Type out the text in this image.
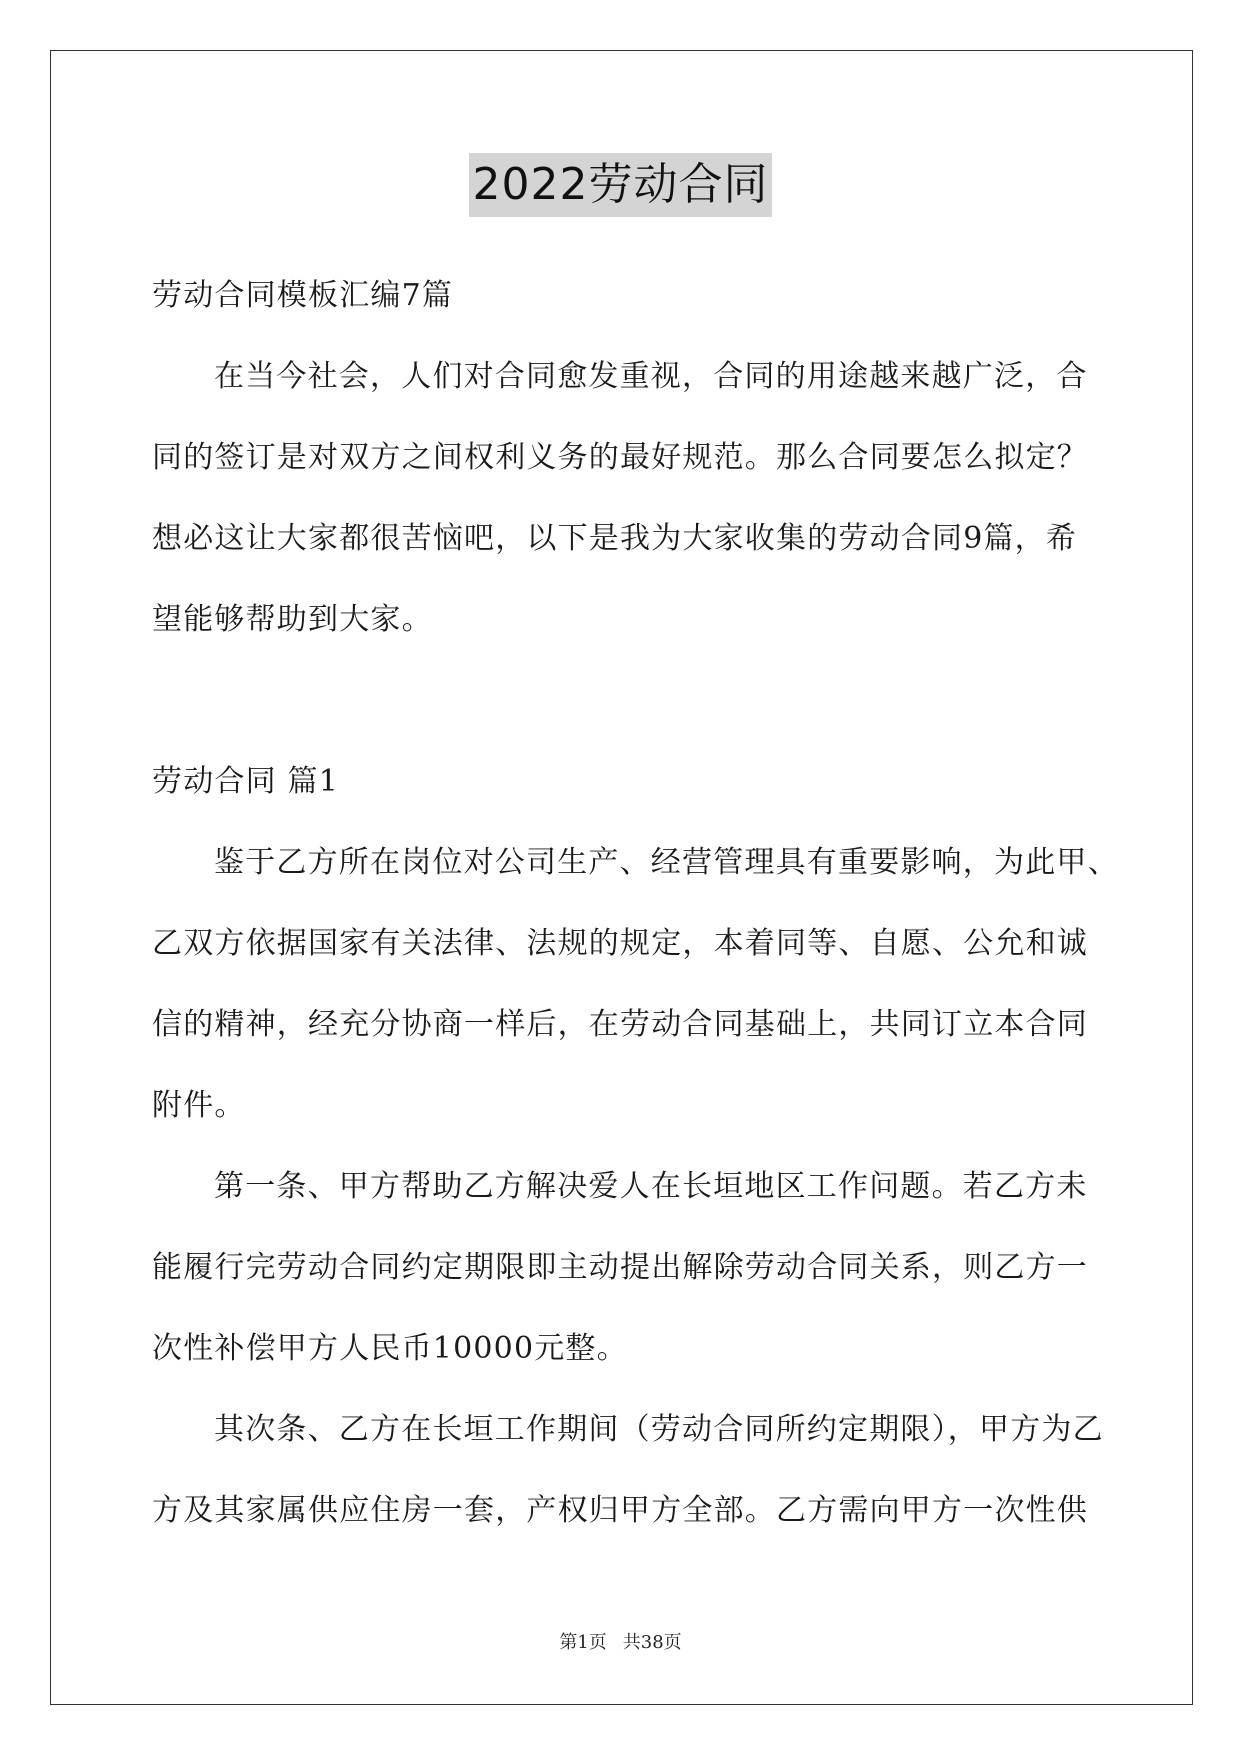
2022劳动合同
劳动合同模板汇编7篇
在当今社会，人们对合同愈发重视，合同的用途越来越广泛，合
同的签订是对双方之间权利义务的最好规范。那么合同要怎么拟定？
想必这让大家都很苦恼吧，以下是我为大家收集的劳动合同9篇，希
望能够帮助到大家。
劳动合同 篇1
鉴于乙方所在岗位对公司生产、经营管理具有重要影响，为此甲、
乙双方依据国家有关法律、法规的规定，本着同等、自愿、公允和诚
信的精神，经充分协商一样后，在劳动合同基础上，共同订立本合同
附件。
第一条、甲方帮助乙方解决爱人在长垣地区工作问题。若乙方未
能履行完劳动合同约定期限即主动提出解除劳动合同关系，则乙方一
次性补偿甲方人民币10000元整。
其次条、乙方在长垣工作期间（劳动合同所约定期限），甲方为乙
方及其家属供应住房一套，产权归甲方全部。乙方需向甲方一次性供
第1页 共38页
